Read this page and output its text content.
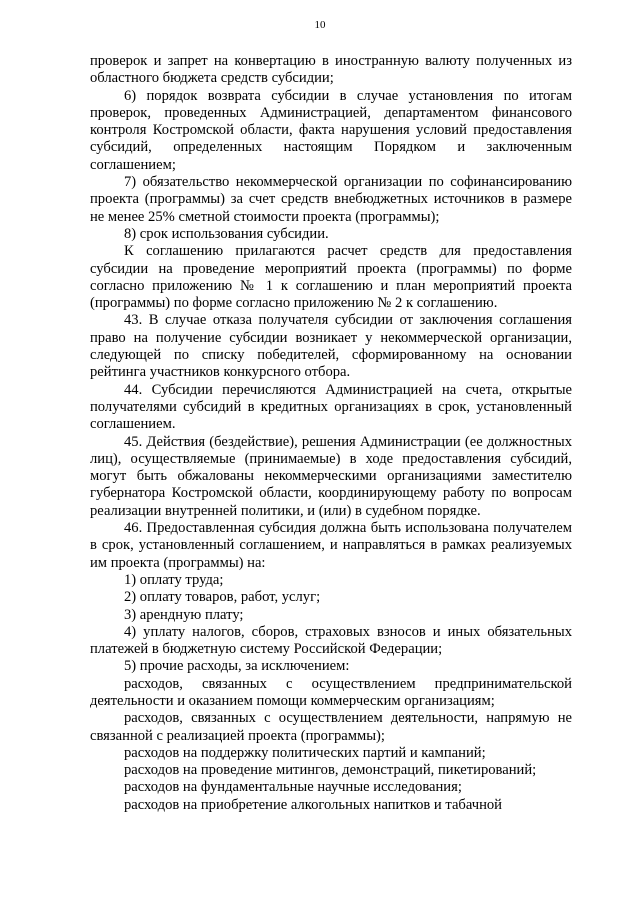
10

проверок и запрет на конвертацию в иностранную валюту полученных из областного бюджета средств субсидии;

6) порядок возврата субсидии в случае установления по итогам проверок, проведенных Администрацией, департаментом финансового контроля Костромской области, факта нарушения условий предоставления субсидий, определенных настоящим Порядком и заключенным соглашением;

7) обязательство некоммерческой организации по софинансированию проекта (программы) за счет средств внебюджетных источников в размере не менее 25% сметной стоимости проекта (программы);

8) срок использования субсидии.

К соглашению прилагаются расчет средств для предоставления субсидии на проведение мероприятий проекта (программы) по форме согласно приложению № 1 к соглашению и план мероприятий проекта (программы) по форме согласно приложению № 2 к соглашению.

43. В случае отказа получателя субсидии от заключения соглашения право на получение субсидии возникает у некоммерческой организации, следующей по списку победителей, сформированному на основании рейтинга участников конкурсного отбора.

44. Субсидии перечисляются Администрацией на счета, открытые получателями субсидий в кредитных организациях в срок, установленный соглашением.

45. Действия (бездействие), решения Администрации (ее должностных лиц), осуществляемые (принимаемые) в ходе предоставления субсидий, могут быть обжалованы некоммерческими организациями заместителю губернатора Костромской области, координирующему работу по вопросам реализации внутренней политики, и (или) в судебном порядке.

46. Предоставленная субсидия должна быть использована получателем в срок, установленный соглашением, и направляться в рамках реализуемых им проекта (программы) на:

1) оплату труда;

2) оплату товаров, работ, услуг;

3) арендную плату;

4) уплату налогов, сборов, страховых взносов и иных обязательных платежей в бюджетную систему Российской Федерации;

5) прочие расходы, за исключением:

расходов, связанных с осуществлением предпринимательской деятельности и оказанием помощи коммерческим организациям;

расходов, связанных с осуществлением деятельности, напрямую не связанной с реализацией проекта (программы);

расходов на поддержку политических партий и кампаний;

расходов на проведение митингов, демонстраций, пикетирований;

расходов на фундаментальные научные исследования;

расходов на приобретение алкогольных напитков и табачной
